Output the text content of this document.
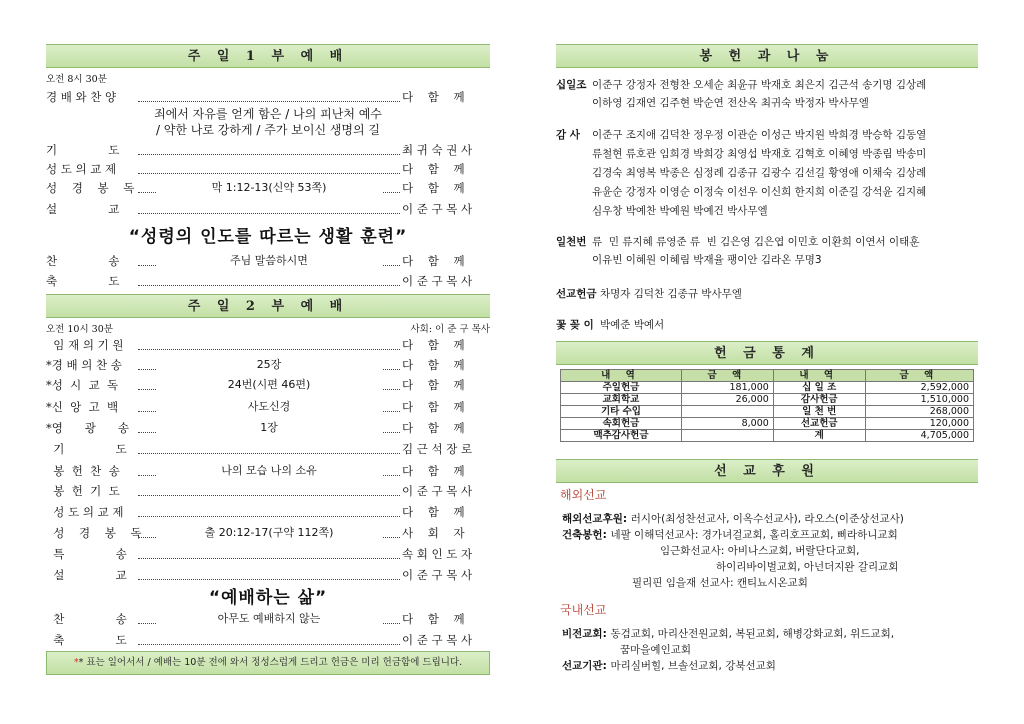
주 일 1 부 예 배
오전 8시 30분
경 배 와 찬 양	다    함    께
기              도	최 귀 숙 권 사
성 도 의 교 제	다    함    께
성    경    봉    독	막 1:12-13(신약 53쪽)	다    함    께
설              교	이 준 구 목 사
찬              송	주님 말씀하시면	다    함    께
축              도	이 준 구 목 사
죄에서 자유를 얻게 함은 / 나의 피난처 예수
/ 약한 나로 강하게 / 주가 보이신 생명의 길
“성령의 인도를 따르는 생활 훈련”
주 일 2 부 예 배
오전 10시 30분	사회: 이 준 구 목사
임 재 의 기 원	다    함    께
*경 배 의 찬 송	25장	다    함    께
*성  시  교  독	24번(시편 46편)	다    함    께
*신  앙  고  백	사도신경	다    함    께
*영      광      송	1장	다    함    께
기              도	김 근 석 장 로
봉  헌  찬  송	나의 모습 나의 소유	다    함    께
봉  헌  기  도	이 준 구 목 사
성 도 의 교 제	다    함    께
성    경    봉    독	출 20:12-17(구약 112쪽)	사    회    자
특              송	속 회 인 도 자
설              교	이 준 구 목 사
찬              송	아무도 예배하지 않는	다    함    께
축              도	이 준 구 목 사
“예배하는 삶”
** 표는 일어서서 / 예배는 10분 전에 와서 정성스럽게 드리고 헌금은 미리 헌금함에 드립니다.
봉 헌 과 나 눔
십일조 이준구 강정자 전형찬 오세순 최윤규 박재호 최은지 김근석 송기명 김상례
이하영 김재연 김주현 박순연 전산옥 최귀숙 박정자 박사무엘
감 사 이준구 조지애 김덕찬 정우정 이관순 이성근 박지원 박희경 박승학 김동열
류철현 류호관 임희경 박희강 최영섭 박재호 김혁호 이혜영 박종림 박송미
김경숙 최영복 박종은 심정례 김종규 김광수 김선길 황영애 이채숙 김상례
유윤순 강정자 이영순 이정숙 이선우 이신희 한지희 이준길 강석윤 김지혜
심우창 박예찬 박예원 박예건 박사무엘
일천번 류  민 류지혜 류영준 류  빈 김은영 김은엽 이민호 이환희 이연서 이태훈
이유빈 이혜원 이혜림 박재율 팽이안 김라온 무명3
선교헌금 차명자 김덕찬 김종규 박사무엘
꽃 꽂 이 박예준 박예서
헌 금 통 계
내 역	금 액	내 역	금 액
주일헌금	181,000	십 일 조	2,592,000
교회학교	26,000	감사헌금	1,510,000
기타 수입		일 천 번	268,000
속회헌금	8,000	선교헌금	120,000
맥추감사헌금		계	4,705,000
선 교 후 원
해외선교
해외선교후원: 러시아(최성찬선교사, 이옥수선교사), 라오스(이준상선교사)
건축봉헌: 네팔 이해덕선교사: 경가녀걸교회, 홀리호프교회, 삐라하니교회
임근화선교사: 아비나스교회, 버랄단다교회,
하이리바이벌교회, 아넌더지완 갈리교회
필리핀 임을재 선교사: 캔티뇨시온교회
국내선교
비전교회: 동검교회, 마리산전원교회, 복된교회, 해병강화교회, 위드교회,
꿈마을예인교회
선교기관: 마리실버힐, 브솔선교회, 강북선교회
